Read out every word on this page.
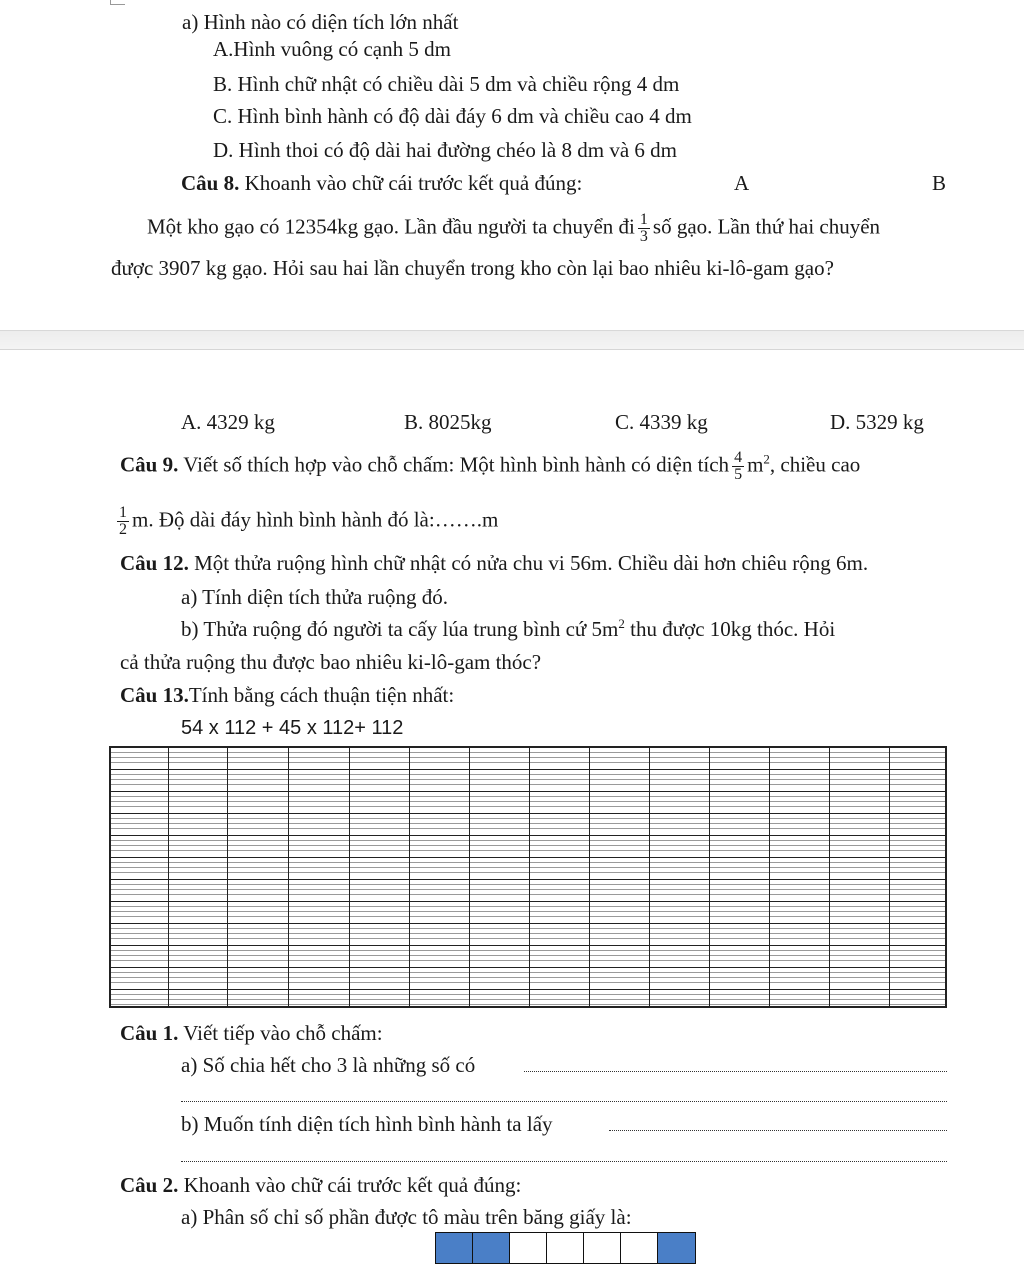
a) Hình nào có diện tích lớn nhất
A.Hình vuông có cạnh 5 dm
B. Hình chữ nhật có chiều dài 5 dm và chiều rộng 4 dm
C. Hình bình hành có độ dài đáy 6 dm và chiều cao 4 dm
D. Hình thoi có độ dài hai đường chéo là 8 dm và 6 dm
Câu 8. Khoanh vào chữ cái trước kết quả đúng:	A	B
Một kho gạo có 12354kg gạo. Lần đầu người ta chuyển đi $\frac{1}{3}$ số gạo. Lần thứ hai chuyển
được 3907 kg gạo. Hỏi sau hai lần chuyển trong kho còn lại bao nhiêu ki-lô-gam gạo?
A. 4329 kg	B. 8025kg	C. 4339 kg	D. 5329 kg
Câu 9. Viết số thích hợp vào chỗ chấm: Một hình bình hành có diện tích $\frac{4}{5} m^2$, chiều cao
$\frac{1}{2} m$. Độ dài đáy hình bình hành đó là:…….m
Câu 12. Một thửa ruộng hình chữ nhật có nửa chu vi 56m. Chiều dài hơn chiêu rộng 6m.
a) Tính diện tích thửa ruộng đó.
b) Thửa ruộng đó người ta cấy lúa trung bình cứ $5m^2$ thu được 10kg thóc. Hỏi
cả thửa ruộng thu được bao nhiêu ki-lô-gam thóc?
Câu 13.Tính bằng cách thuận tiện nhất:
54 x 112 + 45 x 112+ 112
Câu 1. Viết tiếp vào chỗ chấm:
a) Số chia hết cho 3 là những số có
b) Muốn tính diện tích hình bình hành ta lấy
Câu 2. Khoanh vào chữ cái trước kết quả đúng:
a) Phân số chỉ số phần được tô màu trên băng giấy là:
